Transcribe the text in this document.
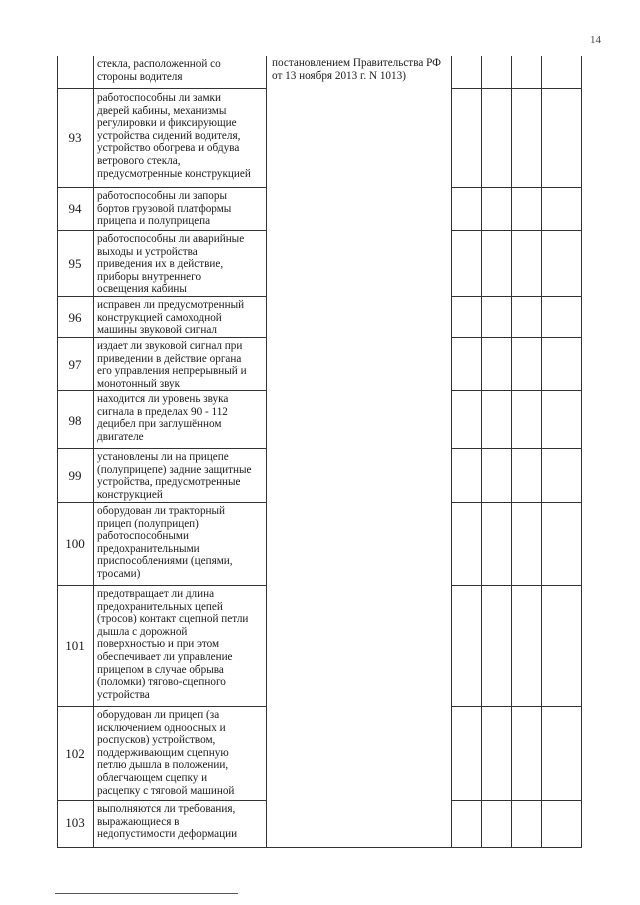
14
постановлением Правительства РФ от 13 ноября 2013 г. N 1013)
стекла, расположенной со
стороны водителя
93
работоспособны ли замки
дверей кабины, механизмы
регулировки и фиксирующие
устройства сидений водителя,
устройство обогрева и обдува
ветрового стекла,
предусмотренные конструкцией
94
работоспособны ли запоры
бортов грузовой платформы
прицепа и полуприцепа
95
работоспособны ли аварийные
выходы и устройства
приведения их в действие,
приборы внутреннего
освещения кабины
96
исправен ли предусмотренный
конструкцией самоходной
машины звуковой сигнал
97
издает ли звуковой сигнал при
приведении в действие органа
его управления непрерывный и
монотонный звук
98
находится ли уровень звука
сигнала в пределах 90 - 112
децибел при заглушённом
двигателе
99
установлены ли на прицепе
(полуприцепе) задние защитные
устройства, предусмотренные
конструкцией
100
оборудован ли тракторный
прицеп (полуприцеп)
работоспособными
предохранительными
приспособлениями (цепями,
тросами)
101
предотвращает ли длина
предохранительных цепей
(тросов) контакт сцепной петли
дышла с дорожной
поверхностью и при этом
обеспечивает ли управление
прицепом в случае обрыва
(поломки) тягово-сцепного
устройства
102
оборудован ли прицеп (за
исключением одноосных и
роспусков) устройством,
поддерживающим сцепную
петлю дышла в положении,
облегчающем сцепку и
расцепку с тяговой машиной
103
выполняются ли требования,
выражающиеся в
недопустимости деформации
